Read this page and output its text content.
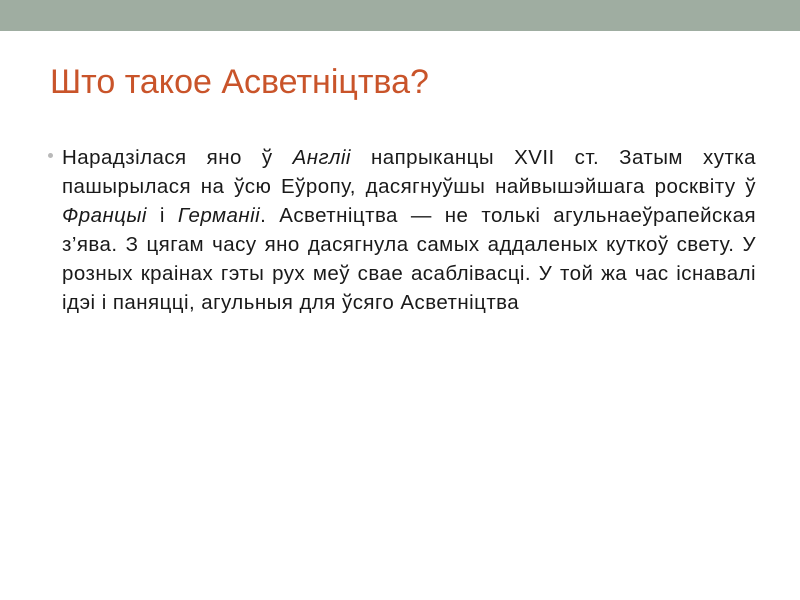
Што такое Асветніцтва?

Нарадзілася яно ў Англіі напрыканцы XVII ст. Затым хутка пашырылася на ўсю Еўропу, дасягнуўшы найвышэйшага росквіту ў Францыі і Германіі. Асветніцтва — не толькі агульнаеўрапейская з’ява. З цягам часу яно дасягнула самых аддаленых куткоў свету. У розных краінах гэты рух меў свае асаблівасці. У той жа час існавалі ідэі і паняцці, агульныя для ўсяго Асветніцтва
